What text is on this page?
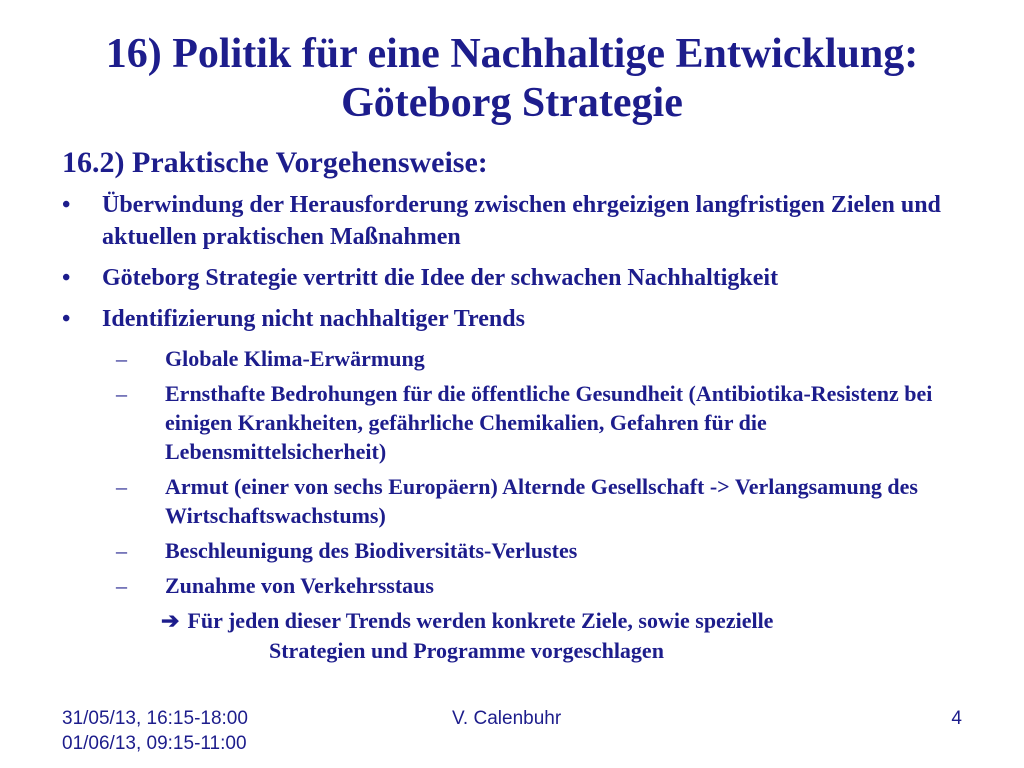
16) Politik für eine Nachhaltige Entwicklung:
Göteborg Strategie
16.2) Praktische Vorgehensweise:
• Überwindung der Herausforderung zwischen ehrgeizigen langfristigen Zielen und aktuellen praktischen Maßnahmen
• Göteborg Strategie vertritt die Idee der schwachen Nachhaltigkeit
• Identifizierung nicht nachhaltiger Trends
– Globale Klima-Erwärmung
– Ernsthafte Bedrohungen für die öffentliche Gesundheit (Antibiotika-Resistenz bei einigen Krankheiten, gefährliche Chemikalien, Gefahren für die Lebensmittelsicherheit)
– Armut (einer von sechs Europäern) Alternde Gesellschaft -> Verlangsamung des Wirtschaftswachstums)
– Beschleunigung des Biodiversitäts-Verlustes
– Zunahme von Verkehrsstaus
➔ Für jeden dieser Trends werden konkrete Ziele, sowie spezielle
Strategien und Programme vorgeschlagen
31/05/13, 16:15-18:00
01/06/13, 09:15-11:00
V. Calenbuhr	4
